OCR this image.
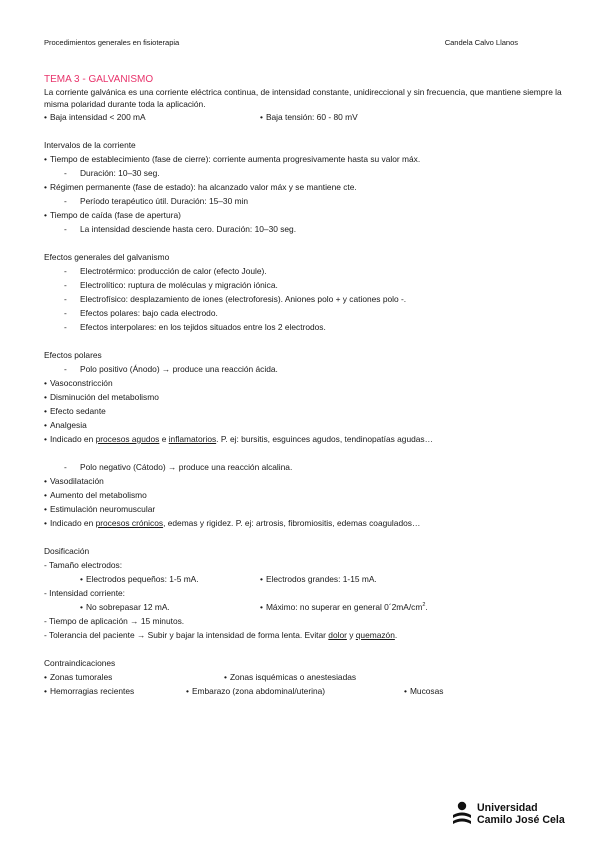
Procedimientos generales en fisioterapia	Candela Calvo Llanos
TEMA 3 - GALVANISMO
La corriente galvánica es una corriente eléctrica continua, de intensidad constante, unidireccional y sin frecuencia, que mantiene siempre la misma polaridad durante toda la aplicación.
• Baja intensidad < 200 mA	• Baja tensión: 60 - 80 mV
Intervalos de la corriente
• Tiempo de establecimiento (fase de cierre): corriente aumenta progresivamente hasta su valor máx.
- Duración: 10–30 seg.
• Régimen permanente (fase de estado): ha alcanzado valor máx y se mantiene cte.
- Período terapéutico útil. Duración: 15–30 min
• Tiempo de caída (fase de apertura)
- La intensidad desciende hasta cero. Duración: 10–30 seg.
Efectos generales del galvanismo
- Electrotérmico: producción de calor (efecto Joule).
- Electrolítico: ruptura de moléculas y migración iónica.
- Electrofísico: desplazamiento de iones (electroforesis). Aniones polo + y cationes polo -.
- Efectos polares: bajo cada electrodo.
- Efectos interpolares: en los tejidos situados entre los 2 electrodos.
Efectos polares
- Polo positivo (Ánodo) → produce una reacción ácida.
• Vasoconstricción
• Disminución del metabolismo
• Efecto sedante
• Analgesia
• Indicado en procesos agudos e inflamatorios. P. ej: bursitis, esguinces agudos, tendinopatías agudas…
- Polo negativo (Cátodo) → produce una reacción alcalina.
• Vasodilatación
• Aumento del metabolismo
• Estimulación neuromuscular
• Indicado en procesos crónicos, edemas y rigidez. P. ej: artrosis, fibromiositis, edemas coagulados…
Dosificación
- Tamaño electrodos:
• Electrodos pequeños: 1-5 mA.	• Electrodos grandes: 1-15 mA.
- Intensidad corriente:
• No sobrepasar 12 mA.	• Máximo: no superar en general $0´2mA/cm^2$.
- Tiempo de aplicación → 15 minutos.
- Tolerancia del paciente → Subir y bajar la intensidad de forma lenta. Evitar dolor y quemazón.
Contraindicaciones
• Zonas tumorales	• Zonas isquémicas o anestesiadas
• Hemorragias recientes	• Embarazo (zona abdominal/uterina)	• Mucosas
Universidad
Camilo José Cela
